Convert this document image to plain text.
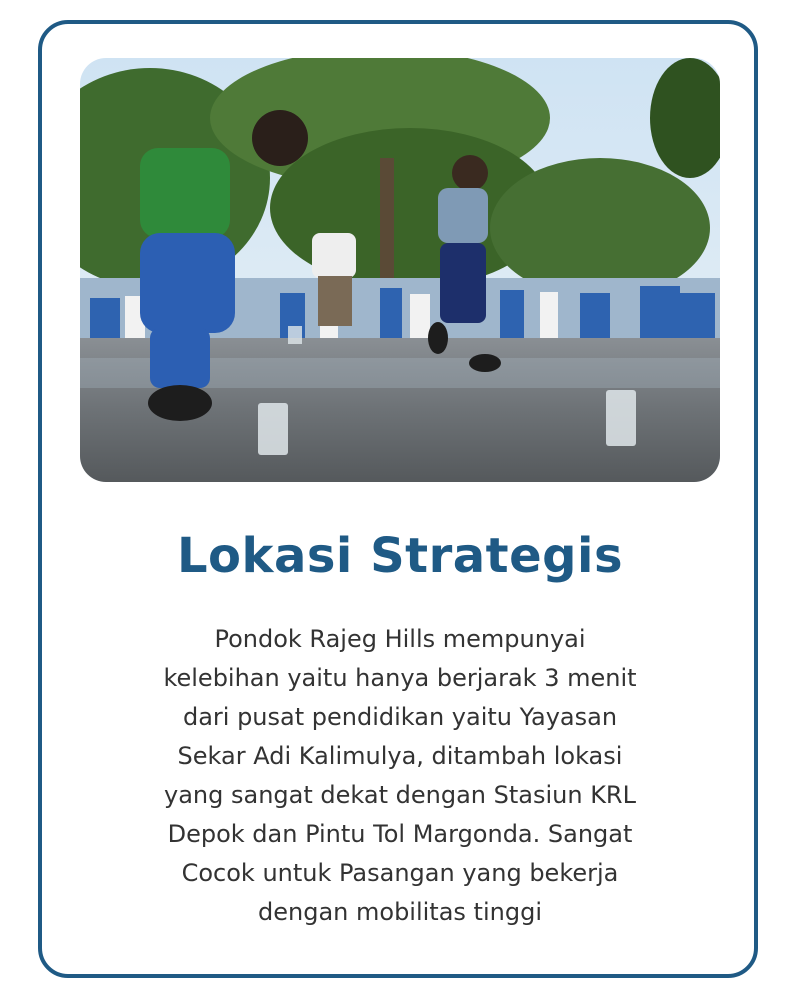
Lokasi Strategis
Pondok Rajeg Hills mempunyai
kelebihan yaitu hanya berjarak 3 menit
dari pusat pendidikan yaitu Yayasan
Sekar Adi Kalimulya, ditambah lokasi
yang sangat dekat dengan Stasiun KRL
Depok dan Pintu Tol Margonda. Sangat
Cocok untuk Pasangan yang bekerja
dengan mobilitas tinggi
